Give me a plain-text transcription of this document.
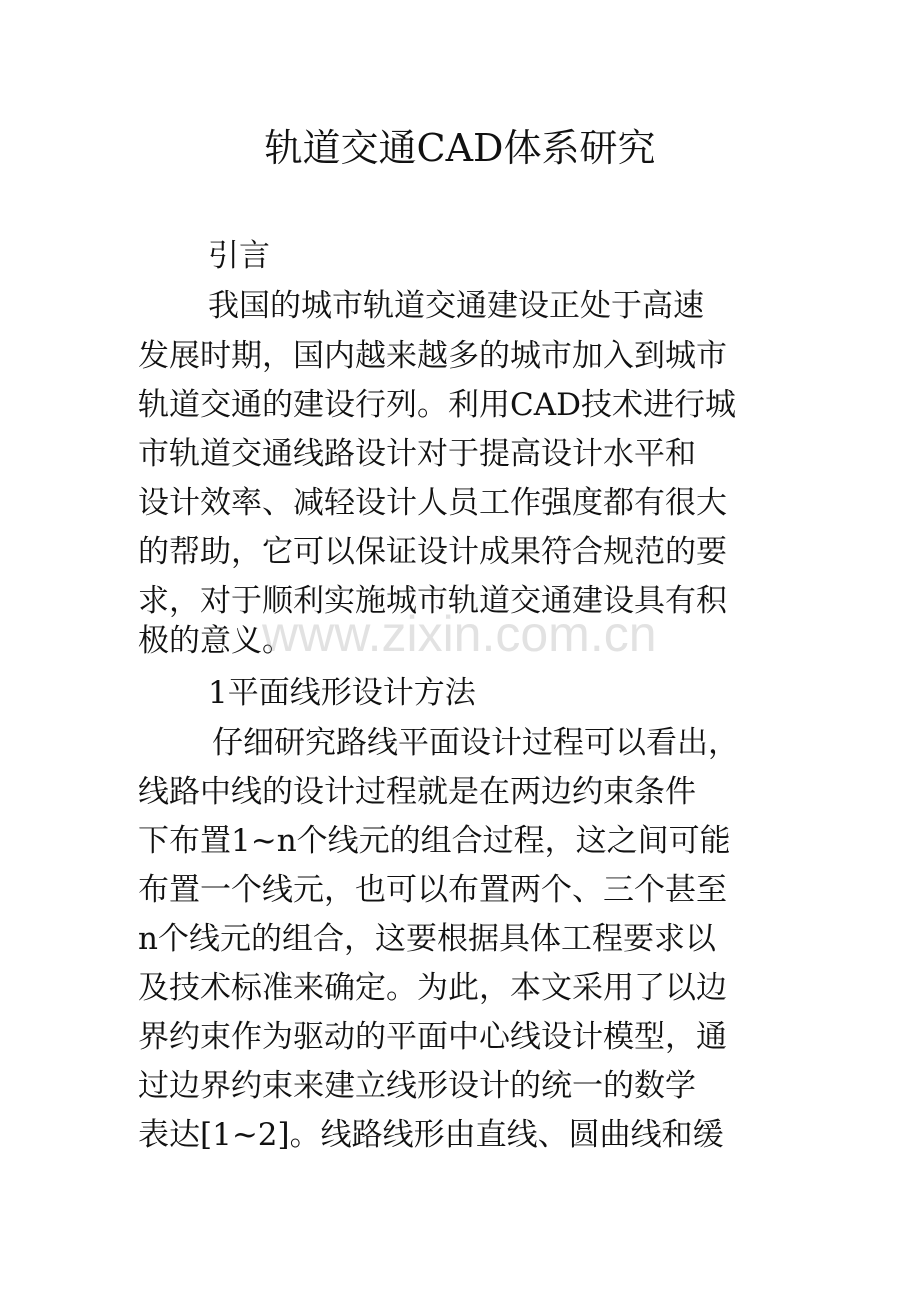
轨道交通CAD体系研究
引言
我国的城市轨道交通建设正处于高速
发展时期，国内越来越多的城市加入到城市
轨道交通的建设行列。利用CAD技术进行城
市轨道交通线路设计对于提高设计水平和
设计效率、减轻设计人员工作强度都有很大
的帮助，它可以保证设计成果符合规范的要
求，对于顺利实施城市轨道交通建设具有积
极的意义。
1平面线形设计方法
仔细研究路线平面设计过程可以看出，
线路中线的设计过程就是在两边约束条件
下布置1~n个线元的组合过程，这之间可能
布置一个线元，也可以布置两个、三个甚至
n个线元的组合，这要根据具体工程要求以
及技术标准来确定。为此，本文采用了以边
界约束作为驱动的平面中心线设计模型，通
过边界约束来建立线形设计的统一的数学
表达[1~2]。线路线形由直线、圆曲线和缓
www.zixin.com.cn
